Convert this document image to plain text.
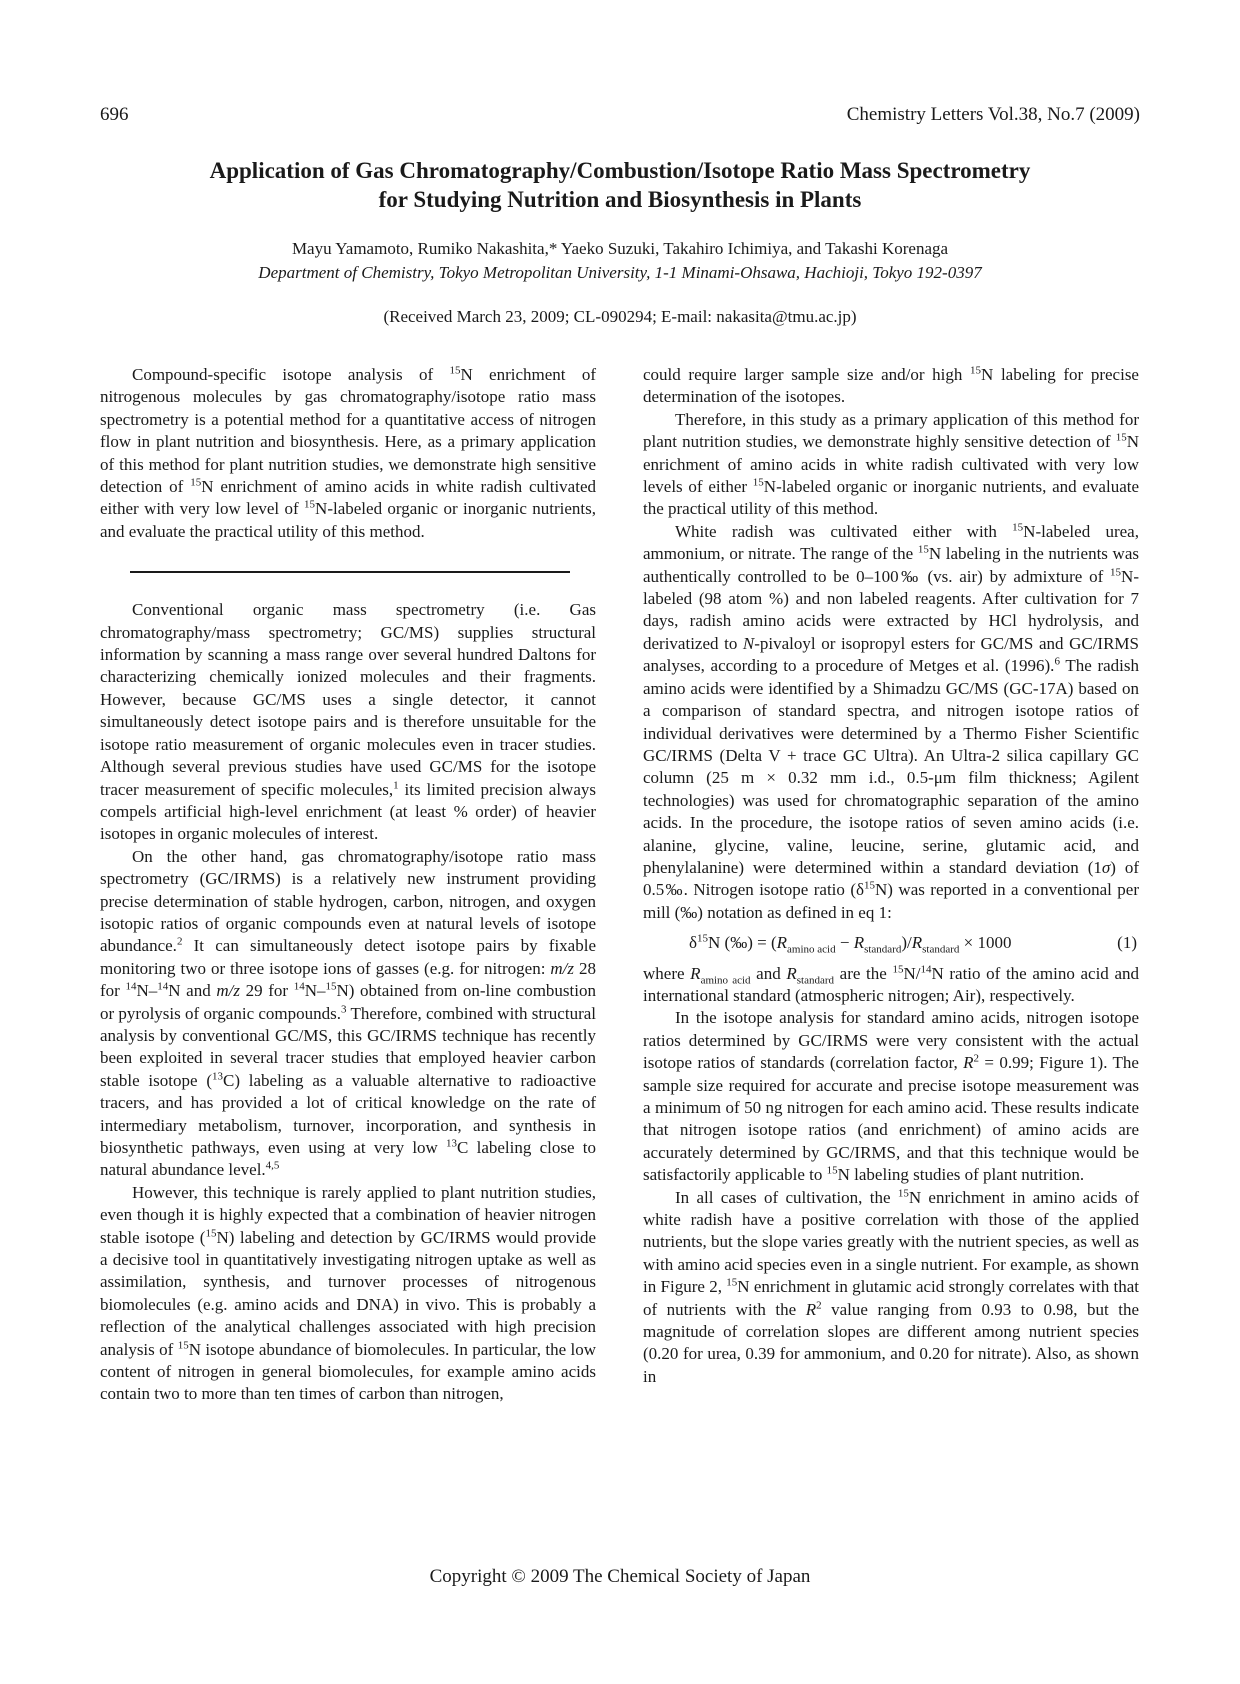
696	Chemistry Letters Vol.38, No.7 (2009)
Application of Gas Chromatography/Combustion/Isotope Ratio Mass Spectrometry
for Studying Nutrition and Biosynthesis in Plants
Mayu Yamamoto, Rumiko Nakashita,* Yaeko Suzuki, Takahiro Ichimiya, and Takashi Korenaga
Department of Chemistry, Tokyo Metropolitan University, 1-1 Minami-Ohsawa, Hachioji, Tokyo 192-0397
(Received March 23, 2009; CL-090294; E-mail: nakasita@tmu.ac.jp)

Compound-specific isotope analysis of $^{15}$N enrichment of nitrogenous molecules by gas chromatography/isotope ratio mass spectrometry is a potential method for a quantitative access of nitrogen flow in plant nutrition and biosynthesis. Here, as a primary application of this method for plant nutrition studies, we demonstrate high sensitive detection of $^{15}$N enrichment of amino acids in white radish cultivated either with very low level of $^{15}$N-labeled organic or inorganic nutrients, and evaluate the practical utility of this method.

Conventional organic mass spectrometry (i.e. Gas chromatography/mass spectrometry; GC/MS) supplies structural information by scanning a mass range over several hundred Daltons for characterizing chemically ionized molecules and their fragments. However, because GC/MS uses a single detector, it cannot simultaneously detect isotope pairs and is therefore unsuitable for the isotope ratio measurement of organic molecules even in tracer studies. Although several previous studies have used GC/MS for the isotope tracer measurement of specific molecules,$^1$ its limited precision always compels artificial high-level enrichment (at least % order) of heavier isotopes in organic molecules of interest.

On the other hand, gas chromatography/isotope ratio mass spectrometry (GC/IRMS) is a relatively new instrument providing precise determination of stable hydrogen, carbon, nitrogen, and oxygen isotopic ratios of organic compounds even at natural levels of isotope abundance.$^2$ It can simultaneously detect isotope pairs by fixable monitoring two or three isotope ions of gasses (e.g. for nitrogen: m/z 28 for $^{14}$N–$^{14}$N and m/z 29 for $^{14}$N–$^{15}$N) obtained from on-line combustion or pyrolysis of organic compounds.$^3$ Therefore, combined with structural analysis by conventional GC/MS, this GC/IRMS technique has recently been exploited in several tracer studies that employed heavier carbon stable isotope ($^{13}$C) labeling as a valuable alternative to radioactive tracers, and has provided a lot of critical knowledge on the rate of intermediary metabolism, turnover, incorporation, and synthesis in biosynthetic pathways, even using at very low $^{13}$C labeling close to natural abundance level.$^{4,5}$

However, this technique is rarely applied to plant nutrition studies, even though it is highly expected that a combination of heavier nitrogen stable isotope ($^{15}$N) labeling and detection by GC/IRMS would provide a decisive tool in quantitatively investigating nitrogen uptake as well as assimilation, synthesis, and turnover processes of nitrogenous biomolecules (e.g. amino acids and DNA) in vivo. This is probably a reflection of the analytical challenges associated with high precision analysis of $^{15}$N isotope abundance of biomolecules. In particular, the low content of nitrogen in general biomolecules, for example amino acids contain two to more than ten times of carbon than nitrogen,

could require larger sample size and/or high $^{15}$N labeling for precise determination of the isotopes.

Therefore, in this study as a primary application of this method for plant nutrition studies, we demonstrate highly sensitive detection of $^{15}$N enrichment of amino acids in white radish cultivated with very low levels of either $^{15}$N-labeled organic or inorganic nutrients, and evaluate the practical utility of this method.

White radish was cultivated either with $^{15}$N-labeled urea, ammonium, or nitrate. The range of the $^{15}$N labeling in the nutrients was authentically controlled to be 0–100‰ (vs. air) by admixture of $^{15}$N-labeled (98 atom %) and non labeled reagents. After cultivation for 7 days, radish amino acids were extracted by HCl hydrolysis, and derivatized to N-pivaloyl or isopropyl esters for GC/MS and GC/IRMS analyses, according to a procedure of Metges et al. (1996).$^6$ The radish amino acids were identified by a Shimadzu GC/MS (GC-17A) based on a comparison of standard spectra, and nitrogen isotope ratios of individual derivatives were determined by a Thermo Fisher Scientific GC/IRMS (Delta V + trace GC Ultra). An Ultra-2 silica capillary GC column (25 m × 0.32 mm i.d., 0.5-μm film thickness; Agilent technologies) was used for chromatographic separation of the amino acids. In the procedure, the isotope ratios of seven amino acids (i.e. alanine, glycine, valine, leucine, serine, glutamic acid, and phenylalanine) were determined within a standard deviation (1σ) of 0.5‰. Nitrogen isotope ratio $(\delta^{15}N)$ was reported in a conventional per mill (‰) notation as defined in eq 1:

$\delta^{15}N$ (‰) = $(R_{amino acid} - R_{standard})/R_{standard} \times 1000$	(1)

where $R_{amino acid}$ and $R_{standard}$ are the $^{15}$N/$^{14}$N ratio of the amino acid and international standard (atmospheric nitrogen; Air), respectively.

In the isotope analysis for standard amino acids, nitrogen isotope ratios determined by GC/IRMS were very consistent with the actual isotope ratios of standards (correlation factor, $R^2 = 0.99$; Figure 1). The sample size required for accurate and precise isotope measurement was a minimum of 50 ng nitrogen for each amino acid. These results indicate that nitrogen isotope ratios (and enrichment) of amino acids are accurately determined by GC/IRMS, and that this technique would be satisfactorily applicable to $^{15}$N labeling studies of plant nutrition.

In all cases of cultivation, the $^{15}$N enrichment in amino acids of white radish have a positive correlation with those of the applied nutrients, but the slope varies greatly with the nutrient species, as well as with amino acid species even in a single nutrient. For example, as shown in Figure 2, $^{15}$N enrichment in glutamic acid strongly correlates with that of nutrients with the $R^2$ value ranging from 0.93 to 0.98, but the magnitude of correlation slopes are different among nutrient species (0.20 for urea, 0.39 for ammonium, and 0.20 for nitrate). Also, as shown in

Copyright © 2009 The Chemical Society of Japan
